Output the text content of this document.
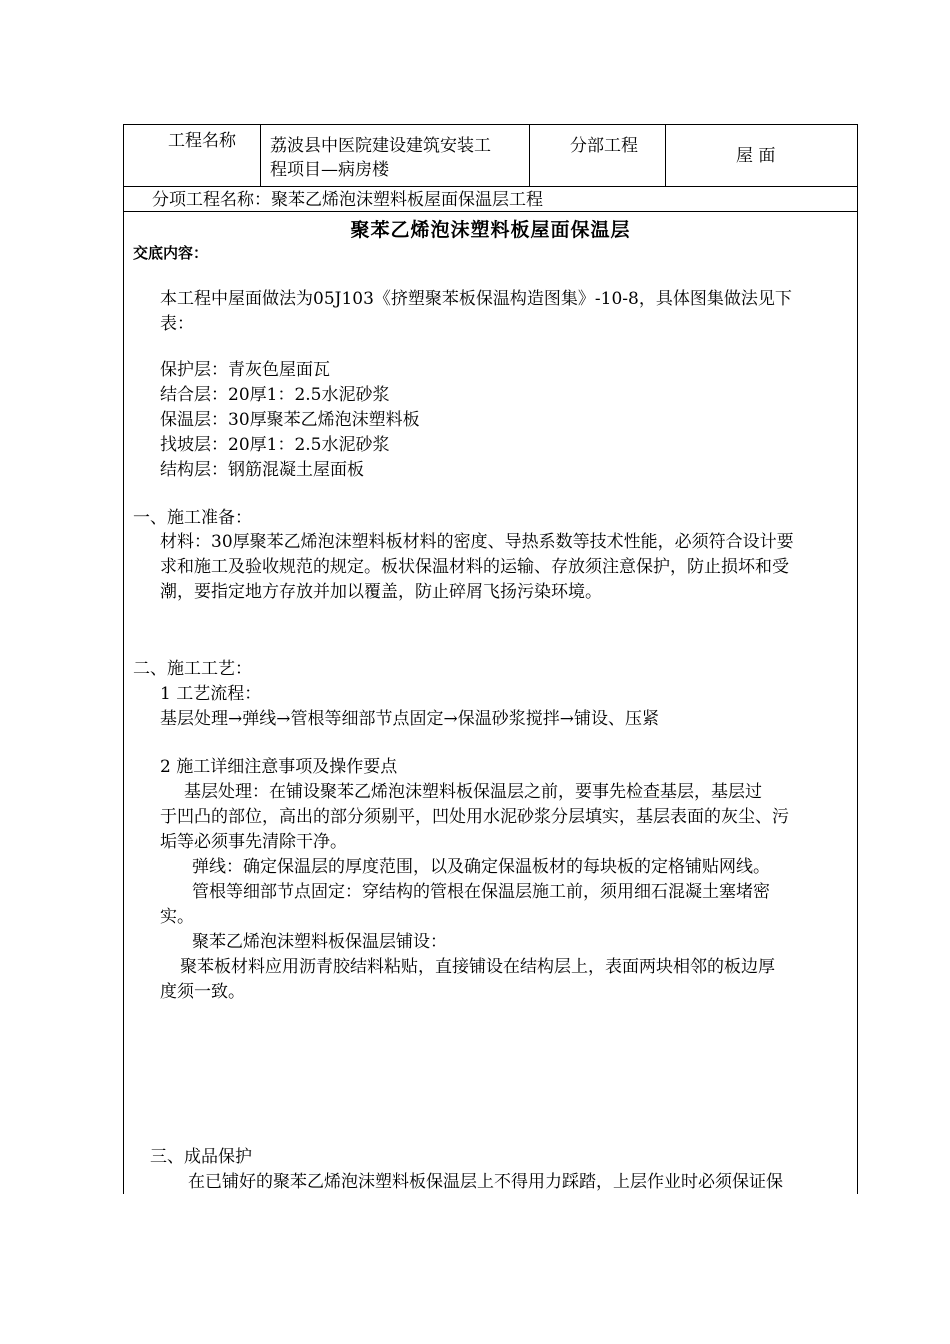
工程名称 荔波县中医院建设建筑安装工
程项目—病房楼
分部工程	屋 面
分项工程名称：聚苯乙烯泡沫塑料板屋面保温层工程
聚苯乙烯泡沫塑料板屋面保温层
交底内容：
本工程中屋面做法为05J103《挤塑聚苯板保温构造图集》-10-8，具体图集做法见下
表：
保护层：青灰色屋面瓦
结合层：20厚1：2.5水泥砂浆
保温层：30厚聚苯乙烯泡沫塑料板
找坡层：20厚1：2.5水泥砂浆
结构层：钢筋混凝土屋面板
一、施工准备：
材料：30厚聚苯乙烯泡沫塑料板材料的密度、导热系数等技术性能，必须符合设计要
求和施工及验收规范的规定。板状保温材料的运输、存放须注意保护，防止损坏和受
潮，要指定地方存放并加以覆盖，防止碎屑飞扬污染环境。
二、施工工艺：
1 工艺流程：
基层处理→弹线→管根等细部节点固定→保温砂浆搅拌→铺设、压紧
2 施工详细注意事项及操作要点
基层处理：在铺设聚苯乙烯泡沫塑料板保温层之前，要事先检查基层，基层过
于凹凸的部位，高出的部分须剔平，凹处用水泥砂浆分层填实，基层表面的灰尘、污
垢等必须事先清除干净。
弹线：确定保温层的厚度范围，以及确定保温板材的每块板的定格铺贴网线。
管根等细部节点固定：穿结构的管根在保温层施工前，须用细石混凝土塞堵密
实。
聚苯乙烯泡沫塑料板保温层铺设：
聚苯板材料应用沥青胶结料粘贴，直接铺设在结构层上，表面两块相邻的板边厚
度须一致。
三、成品保护
在已铺好的聚苯乙烯泡沫塑料板保温层上不得用力踩踏，上层作业时必须保证保
